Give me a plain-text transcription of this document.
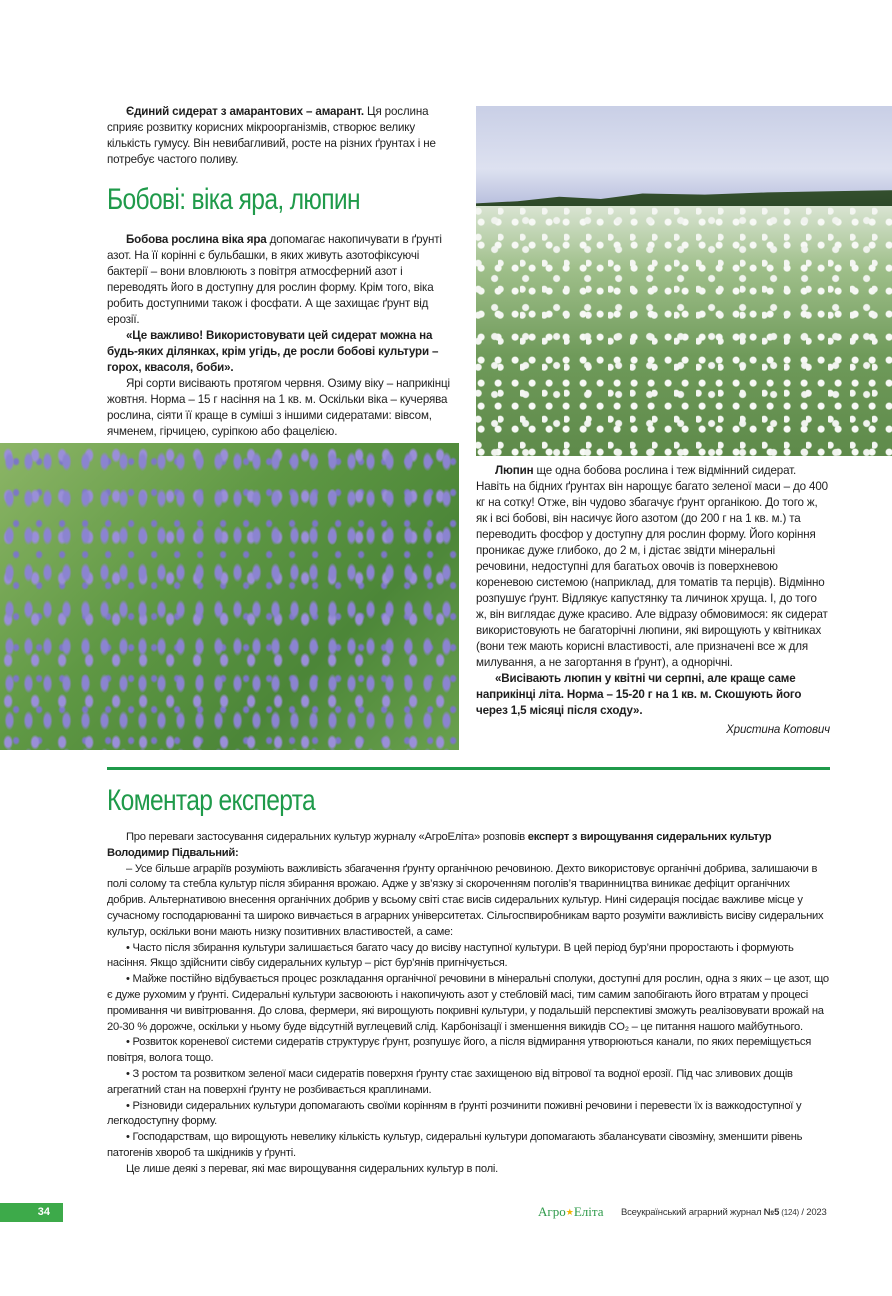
Єдиний сидерат з амарантових – амарант. Ця рослина сприяє розвитку корисних мікроорганізмів, створює велику кількість гумусу. Він невибагливий, росте на різних ґрунтах і не потребує частого поливу.

Бобові: віка яра, люпин

Бобова рослина віка яра допомагає накопичувати в ґрунті азот. На її корінні є бульбашки, в яких живуть азотофіксуючі бактерії – вони вловлюють з повітря атмосферний азот і переводять його в доступну для рослин форму. Крім того, віка робить доступними також і фосфати. А ще захищає ґрунт від ерозії.

«Це важливо! Використовувати цей сидерат можна на будь-яких ділянках, крім угідь, де росли бобові культури – горох, квасоля, боби».

Ярі сорти висівають протягом червня. Озиму віку – наприкінці жовтня. Норма – 15 г насіння на 1 кв. м. Оскільки віка – кучерява рослина, сіяти її краще в суміші з іншими сидератами: вівсом, ячменем, гірчицею, суріпкою або фацелією.

Люпин ще одна бобова рослина і теж відмінний сидерат. Навіть на бідних ґрунтах він нарощує багато зеленої маси – до 400 кг на сотку! Отже, він чудово збагачує ґрунт органікою. До того ж, як і всі бобові, він насичує його азотом (до 200 г на 1 кв. м.) та переводить фосфор у доступну для рослин форму. Його коріння проникає дуже глибоко, до 2 м, і дістає звідти мінеральні речовини, недоступні для багатьох овочів із поверхневою кореневою системою (наприклад, для томатів та перців). Відмінно розпушує ґрунт. Відлякує капустянку та личинок хруща. І, до того ж, він виглядає дуже красиво. Але відразу обмовимося: як сидерат використовують не багаторічні люпини, які вирощують у квітниках (вони теж мають корисні властивості, але призначені все ж для милування, а не загортання в ґрунт), а однорічні.

«Висівають люпин у квітні чи серпні, але краще саме наприкінці літа. Норма – 15-20 г на 1 кв. м. Скошують його через 1,5 місяці після сходу».

Христина Котович

Коментар експерта

Про переваги застосування сидеральних культур журналу «АгроЕліта» розповів експерт з вирощування сидеральних культур Володимир Підвальний:

– Усе більше аграріїв розуміють важливість збагачення ґрунту органічною речовиною. Дехто використовує органічні добрива, залишаючи в полі солому та стебла культур після збирання врожаю. Адже у зв’язку зі скороченням поголів’я тваринництва виникає дефіцит органічних добрив. Альтернативою внесення органічних добрив у всьому світі стає висів сидеральних культур. Нині сидерація посідає важливе місце у сучасному господарюванні та широко вивчається в аграрних університетах. Сільгоспвиробникам варто розуміти важливість висіву сидеральних культур, оскільки вони мають низку позитивних властивостей, а саме:

• Часто після збирання культури залишається багато часу до висіву наступної культури. В цей період бур’яни проростають і формують насіння. Якщо здійснити сівбу сидеральних культур – ріст бур’янів пригнічується.

• Майже постійно відбувається процес розкладання органічної речовини в мінеральні сполуки, доступні для рослин, одна з яких – це азот, що є дуже рухомим у ґрунті. Сидеральні культури засвоюють і накопичують азот у стебловій масі, тим самим запобігають його втратам у процесі промивання чи вивітрювання. До слова, фермери, які вирощують покривні культури, у подальшій перспективі зможуть реалізовувати врожай на 20-30 % дорожче, оскільки у ньому буде відсутній вуглецевий слід. Карбонізації і зменшення викидів CO₂ – це питання нашого майбутнього.

• Розвиток кореневої системи сидератів структурує ґрунт, розпушує його, а після відмирання утворюються канали, по яких переміщується повітря, волога тощо.

• З ростом та розвитком зеленої маси сидератів поверхня ґрунту стає захищеною від вітрової та водної ерозії. Під час зливових дощів агрегатний стан на поверхні ґрунту не розбивається краплинами.

• Різновиди сидеральних культури допомагають своїми корінням в ґрунті розчинити поживні речовини і перевести їх із важкодоступної у легкодоступну форму.

• Господарствам, що вирощують невелику кількість культур, сидеральні культури допомагають збалансувати сівозміну, зменшити рівень патогенів хвороб та шкідників у ґрунті.

Це лише деякі з переваг, які має вирощування сидеральних культур в полі.

34	Агро★Еліта Всеукраїнський аграрний журнал №5 (124) / 2023
